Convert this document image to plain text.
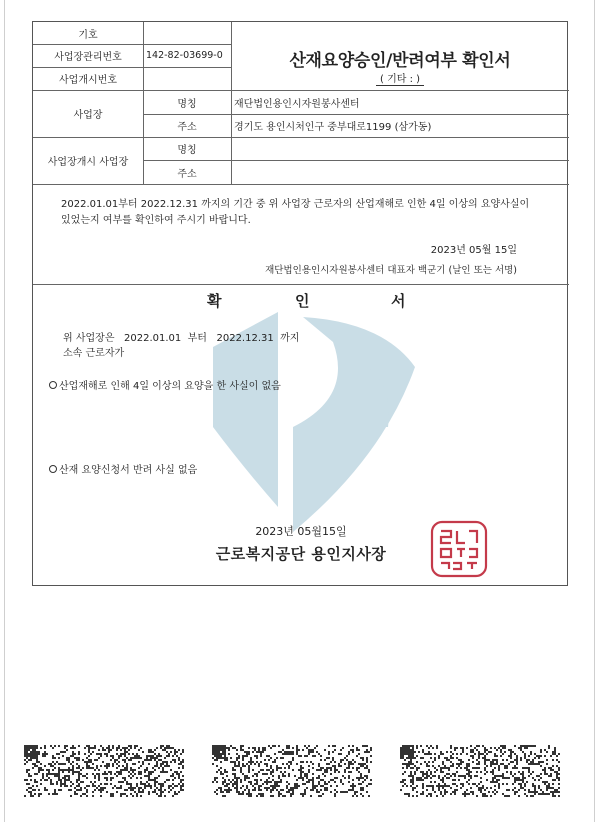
산재요양승인/반려여부 확인서
( 기타 : )
기호
사업장관리번호	142-82-03699-0
사업개시번호
사업장
명칭	재단법인용인시자원봉사센터
주소	경기도 용인시처인구 중부대로1199 (삼가동)
사업장개시 사업장
명칭
주소
2022.01.01부터 2022.12.31 까지의 기간 중 위 사업장 근로자의 산업재해로 인한 4일 이상의 요양사실이 있었는지 여부를 확인하여 주시기 바랍니다.
2023년 05월 15일
재단법인용인시자원봉사센터 대표자 백군기 (날인 또는 서명)
확	인	서
위 사업장은   2022.01.01  부터   2022.12.31  까지
소속 근로자가
산업재해로 인해 4일 이상의 요양을 한 사실이 없음
산재 요양신청서 반려 사실 없음
2023년 05월15일
근로복지공단 용인지사장
